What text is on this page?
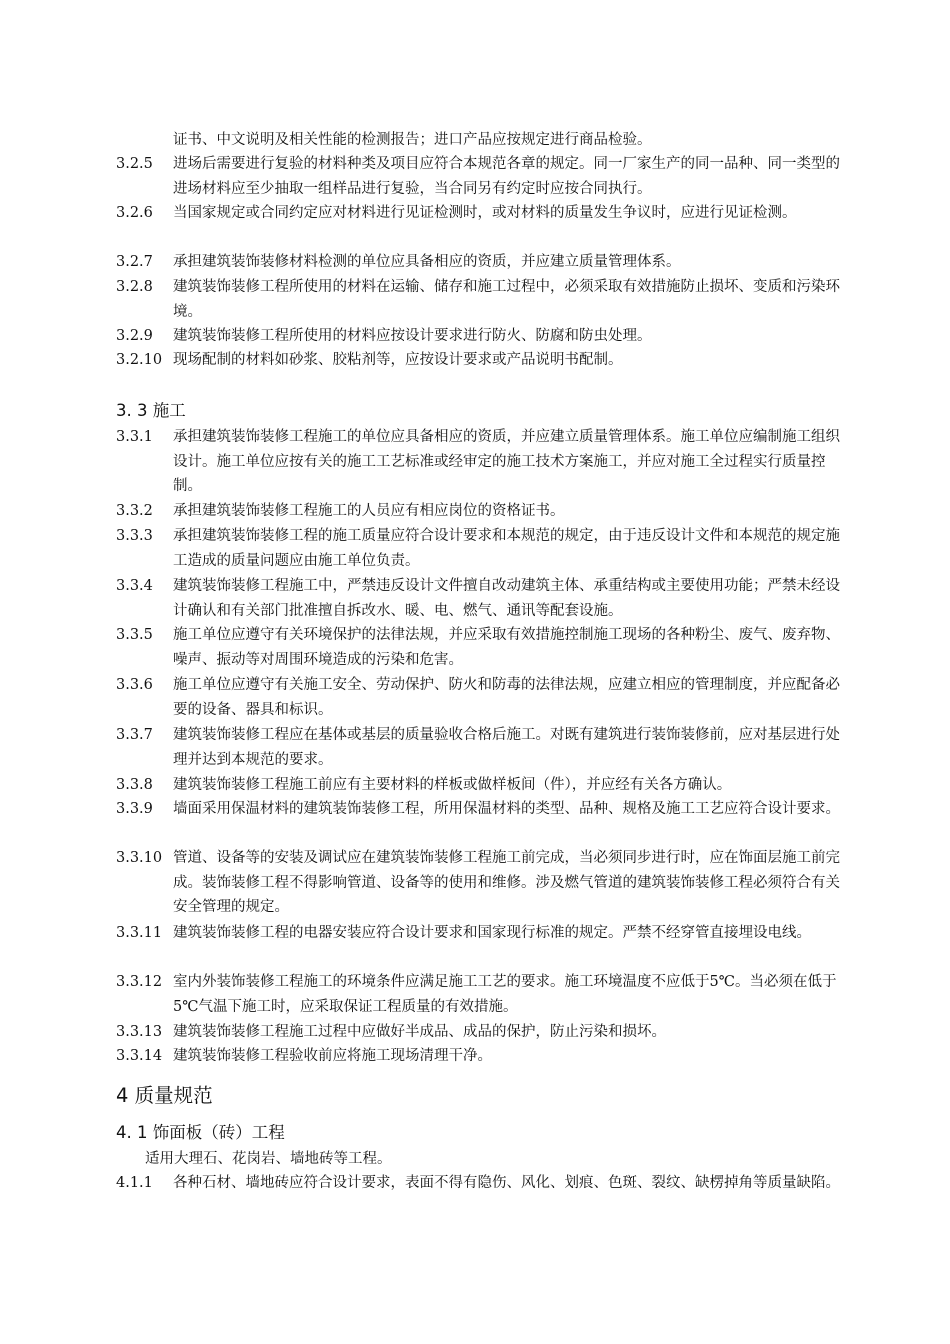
证书、中文说明及相关性能的检测报告；进口产品应按规定进行商品检验。
3.2.5	进场后需要进行复验的材料种类及项目应符合本规范各章的规定。同一厂家生产的同一品种、同一类型的进场材料应至少抽取一组样品进行复验，当合同另有约定时应按合同执行。
3.2.6	当国家规定或合同约定应对材料进行见证检测时，或对材料的质量发生争议时，应进行见证检测。
3.2.7	承担建筑装饰装修材料检测的单位应具备相应的资质，并应建立质量管理体系。
3.2.8	建筑装饰装修工程所使用的材料在运输、储存和施工过程中，必须采取有效措施防止损坏、变质和污染环境。
3.2.9	建筑装饰装修工程所使用的材料应按设计要求进行防火、防腐和防虫处理。
3.2.10 现场配制的材料如砂浆、胶粘剂等，应按设计要求或产品说明书配制。
3. 3 施工
3.3.1	承担建筑装饰装修工程施工的单位应具备相应的资质，并应建立质量管理体系。施工单位应编制施工组织设计。施工单位应按有关的施工工艺标准或经审定的施工技术方案施工，并应对施工全过程实行质量控制。
3.3.2	承担建筑装饰装修工程施工的人员应有相应岗位的资格证书。
3.3.3	承担建筑装饰装修工程的施工质量应符合设计要求和本规范的规定，由于违反设计文件和本规范的规定施工造成的质量问题应由施工单位负责。
3.3.4	建筑装饰装修工程施工中，严禁违反设计文件擅自改动建筑主体、承重结构或主要使用功能；严禁未经设计确认和有关部门批准擅自拆改水、暖、电、燃气、通讯等配套设施。
3.3.5	施工单位应遵守有关环境保护的法律法规，并应采取有效措施控制施工现场的各种粉尘、废气、废弃物、噪声、振动等对周围环境造成的污染和危害。
3.3.6	施工单位应遵守有关施工安全、劳动保护、防火和防毒的法律法规，应建立相应的管理制度，并应配备必要的设备、器具和标识。
3.3.7	建筑装饰装修工程应在基体或基层的质量验收合格后施工。对既有建筑进行装饰装修前，应对基层进行处理并达到本规范的要求。
3.3.8	建筑装饰装修工程施工前应有主要材料的样板或做样板间（件），并应经有关各方确认。
3.3.9	墙面采用保温材料的建筑装饰装修工程，所用保温材料的类型、品种、规格及施工工艺应符合设计要求。
3.3.10 管道、设备等的安装及调试应在建筑装饰装修工程施工前完成，当必须同步进行时，应在饰面层施工前完成。装饰装修工程不得影响管道、设备等的使用和维修。涉及燃气管道的建筑装饰装修工程必须符合有关安全管理的规定。
3.3.11 建筑装饰装修工程的电器安装应符合设计要求和国家现行标准的规定。严禁不经穿管直接埋设电线。
3.3.12 室内外装饰装修工程施工的环境条件应满足施工工艺的要求。施工环境温度不应低于5℃。当必须在低于5℃气温下施工时，应采取保证工程质量的有效措施。
3.3.13 建筑装饰装修工程施工过程中应做好半成品、成品的保护，防止污染和损坏。
3.3.14 建筑装饰装修工程验收前应将施工现场清理干净。
4 质量规范
4. 1 饰面板（砖）工程
适用大理石、花岗岩、墙地砖等工程。
4.1.1	各种石材、墙地砖应符合设计要求，表面不得有隐伤、风化、划痕、色斑、裂纹、缺楞掉角等质量缺陷。
